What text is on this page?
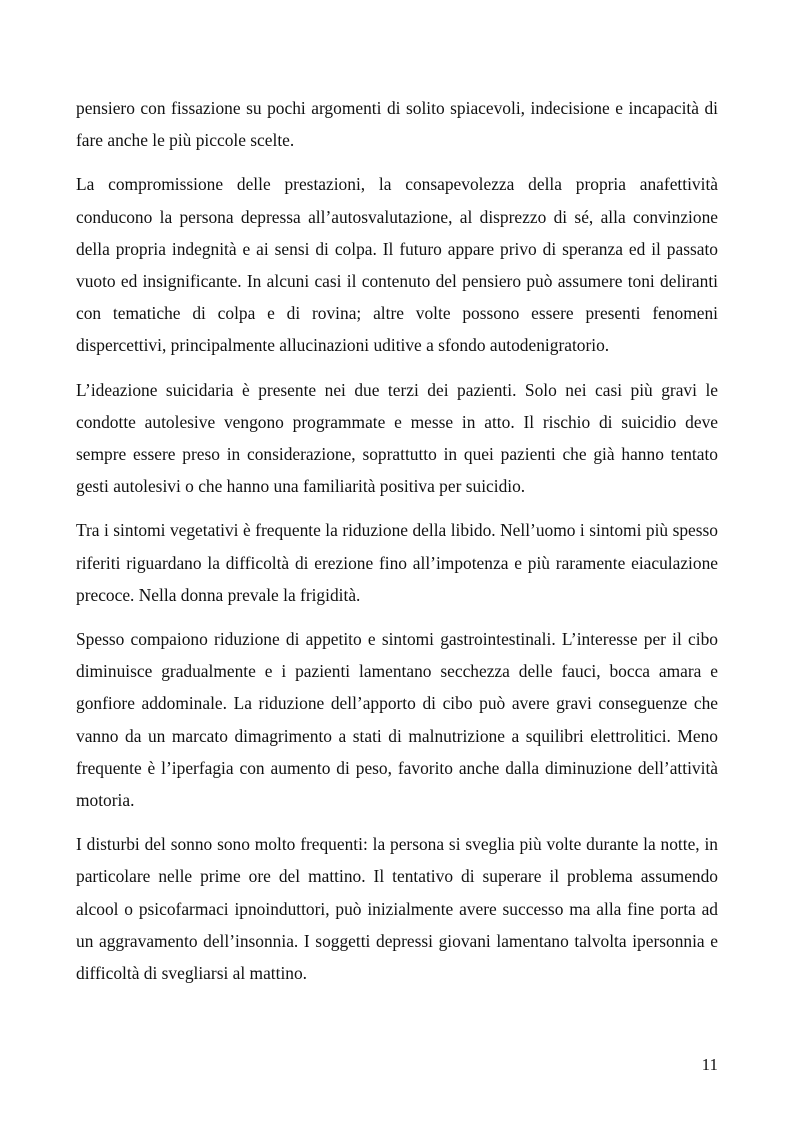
pensiero con fissazione su pochi argomenti di solito spiacevoli, indecisione e incapacità di fare anche le più piccole scelte.

La compromissione delle prestazioni, la consapevolezza della propria anafettività conducono la persona depressa all’autosvalutazione, al disprezzo di sé, alla convinzione della propria indegnità e ai sensi di colpa. Il futuro appare privo di speranza ed il passato vuoto ed insignificante. In alcuni casi il contenuto del pensiero può assumere toni deliranti con tematiche di colpa e di rovina; altre volte possono essere presenti fenomeni dispercettivi, principalmente allucinazioni uditive a sfondo autodenigratorio.

L’ideazione suicidaria è presente nei due terzi dei pazienti. Solo nei casi più gravi le condotte autolesive vengono programmate e messe in atto. Il rischio di suicidio deve sempre essere preso in considerazione, soprattutto in quei pazienti che già hanno tentato gesti autolesivi o che hanno una familiarità positiva per suicidio.

Tra i sintomi vegetativi è frequente la riduzione della libido. Nell’uomo i sintomi più spesso riferiti riguardano la difficoltà di erezione fino all’impotenza e più raramente eiaculazione precoce. Nella donna prevale la frigidità.

Spesso compaiono riduzione di appetito e sintomi gastrointestinali. L’interesse per il cibo diminuisce gradualmente e i pazienti lamentano secchezza delle fauci, bocca amara e gonfiore addominale. La riduzione dell’apporto di cibo può avere gravi conseguenze che vanno da un marcato dimagrimento a stati di malnutrizione a squilibri elettrolitici. Meno frequente è l’iperfagia con aumento di peso, favorito anche dalla diminuzione dell’attività motoria.

I disturbi del sonno sono molto frequenti: la persona si sveglia più volte durante la notte, in particolare nelle prime ore del mattino. Il tentativo di superare il problema assumendo alcool o psicofarmaci ipnoinduttori, può inizialmente avere successo ma alla fine porta ad un aggravamento dell’insonnia. I soggetti depressi giovani lamentano talvolta ipersonnia e difficoltà di svegliarsi al mattino.

11
